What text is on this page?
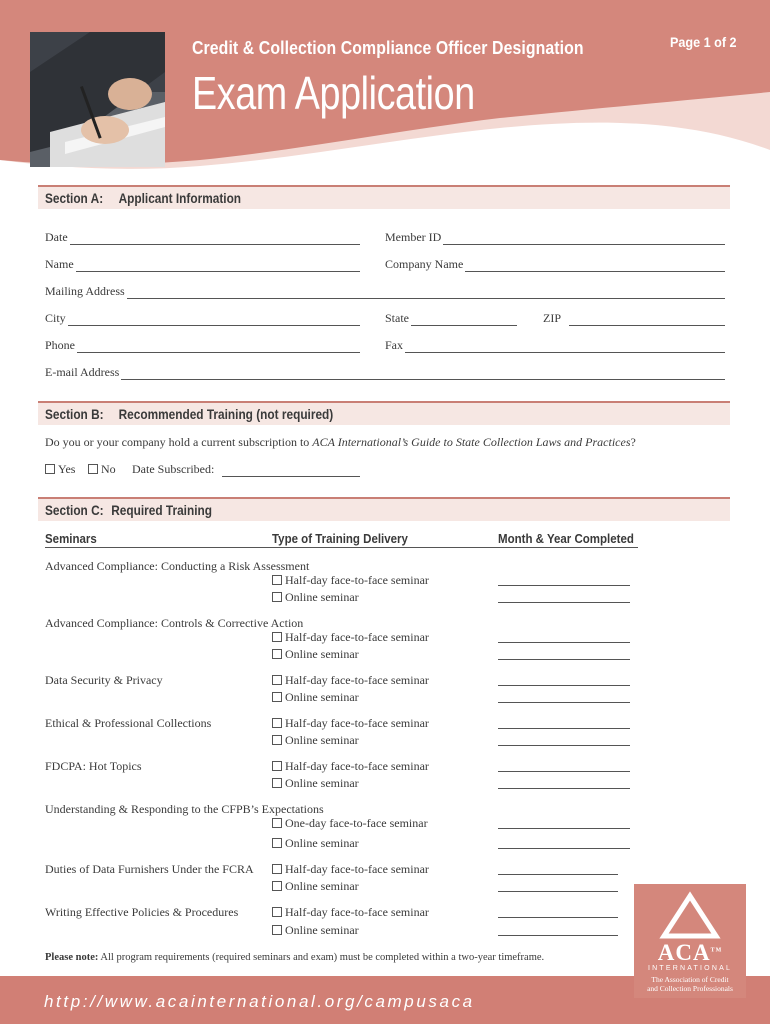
Credit & Collection Compliance Officer Designation	Page 1 of 2
Exam Application
Section A: Applicant Information
Date	Member ID
Name	Company Name
Mailing Address
City	State	ZIP
Phone	Fax
E-mail Address
Section B: Recommended Training (not required)
Do you or your company hold a current subscription to ACA International’s Guide to State Collection Laws and Practices?
Yes	No Date Subscribed:
Section C: Required Training
Seminars	Type of Training Delivery	Month & Year Completed
Advanced Compliance: Conducting a Risk Assessment
Half-day face-to-face seminar
Online seminar
Advanced Compliance: Controls & Corrective Action
Half-day face-to-face seminar
Online seminar
Data Security & Privacy	Half-day face-to-face seminar
Online seminar
Ethical & Professional Collections	Half-day face-to-face seminar
Online seminar
FDCPA: Hot Topics	Half-day face-to-face seminar
Online seminar
Understanding & Responding to the CFPB’s Expectations
One-day face-to-face seminar
Online seminar
Duties of Data Furnishers Under the FCRA	Half-day face-to-face seminar
Online seminar
Writing Effective Policies & Procedures	Half-day face-to-face seminar
Online seminar
Please note: All program requirements (required seminars and exam) must be completed within a two-year timeframe.
http://www.acainternational.org/campusaca
ACA™
INTERNATIONAL
The Association of Credit
and Collection Professionals
